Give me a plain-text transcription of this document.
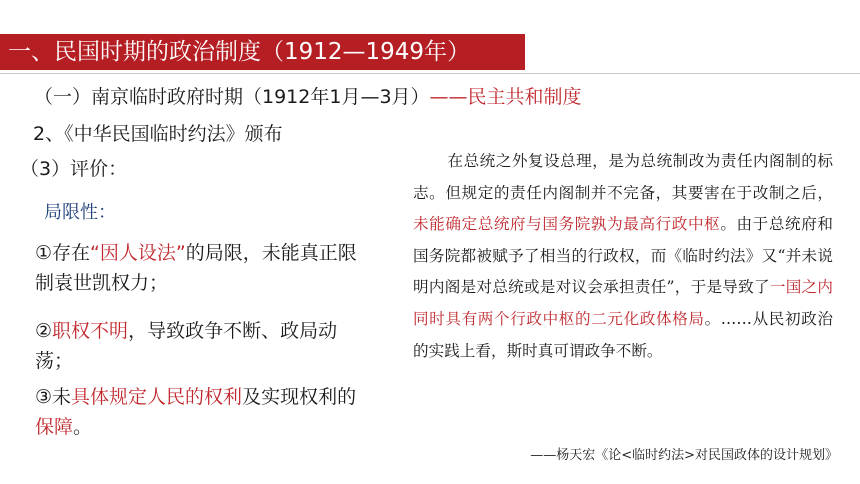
一、民国时期的政治制度（1912—1949年）
（一）南京临时政府时期（1912年1月—3月）——民主共和制度
2、《中华民国临时约法》颁布
（3）评价：
局限性：
①存在“因人设法”的局限，未能真正限制袁世凯权力；
②职权不明，导致政争不断、政局动荡；
③未具体规定人民的权利及实现权利的保障。
在总统之外复设总理，是为总统制改为责任内阁制的标志。但规定的责任内阁制并不完备，其要害在于改制之后，未能确定总统府与国务院孰为最高行政中枢。由于总统府和国务院都被赋予了相当的行政权，而《临时约法》又“并未说明内阁是对总统或是对议会承担责任”，于是导致了一国之内同时具有两个行政中枢的二元化政体格局。……从民初政治的实践上看，斯时真可谓政争不断。
——杨天宏《论<临时约法>对民国政体的设计规划》
